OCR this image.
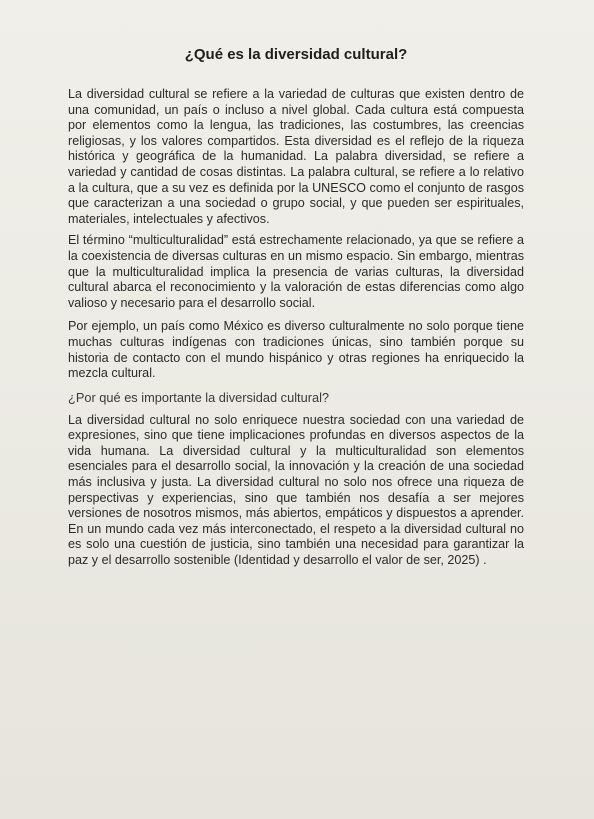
¿Qué es la diversidad cultural?

La diversidad cultural se refiere a la variedad de culturas que existen dentro de una comunidad, un país o incluso a nivel global. Cada cultura está compuesta por elementos como la lengua, las tradiciones, las costumbres, las creencias religiosas, y los valores compartidos. Esta diversidad es el reflejo de la riqueza histórica y geográfica de la humanidad. La palabra diversidad, se refiere a variedad y cantidad de cosas distintas. La palabra cultural, se refiere a lo relativo a la cultura, que a su vez es definida por la UNESCO como el conjunto de rasgos que caracterizan a una sociedad o grupo social, y que pueden ser espirituales, materiales, intelectuales y afectivos.

El término “multiculturalidad” está estrechamente relacionado, ya que se refiere a la coexistencia de diversas culturas en un mismo espacio. Sin embargo, mientras que la multiculturalidad implica la presencia de varias culturas, la diversidad cultural abarca el reconocimiento y la valoración de estas diferencias como algo valioso y necesario para el desarrollo social.

Por ejemplo, un país como México es diverso culturalmente no solo porque tiene muchas culturas indígenas con tradiciones únicas, sino también porque su historia de contacto con el mundo hispánico y otras regiones ha enriquecido la mezcla cultural.

¿Por qué es importante la diversidad cultural?

La diversidad cultural no solo enriquece nuestra sociedad con una variedad de expresiones, sino que tiene implicaciones profundas en diversos aspectos de la vida humana. La diversidad cultural y la multiculturalidad son elementos esenciales para el desarrollo social, la innovación y la creación de una sociedad más inclusiva y justa. La diversidad cultural no solo nos ofrece una riqueza de perspectivas y experiencias, sino que también nos desafía a ser mejores versiones de nosotros mismos, más abiertos, empáticos y dispuestos a aprender. En un mundo cada vez más interconectado, el respeto a la diversidad cultural no es solo una cuestión de justicia, sino también una necesidad para garantizar la paz y el desarrollo sostenible (Identidad y desarrollo el valor de ser, 2025) .
